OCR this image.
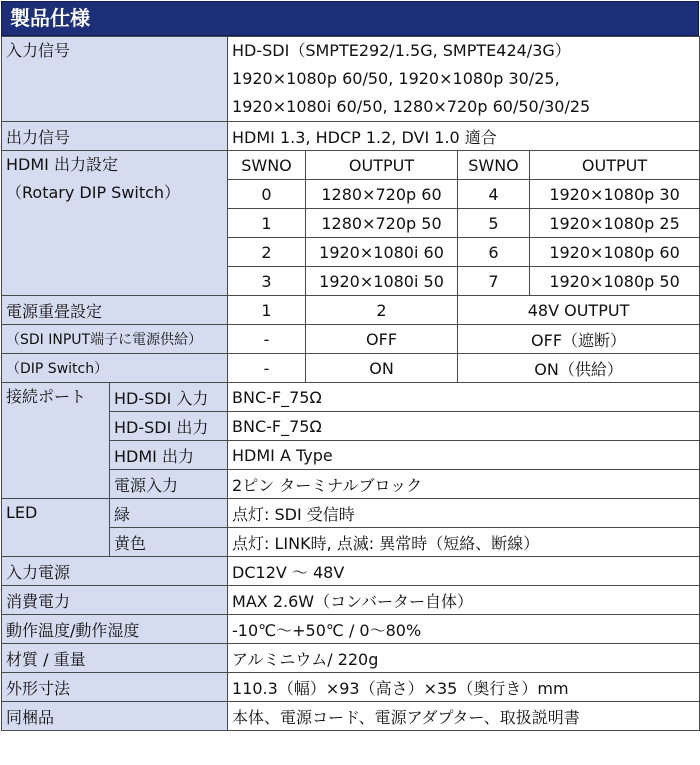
製品仕様
入力信号		HD-SDI（SMPTE292/1.5G, SMPTE424/3G）
1920×1080p 60/50, 1920×1080p 30/25,
1920×1080i 60/50, 1280×720p 60/50/30/25			

出力信号		HDMI 1.3, HDCP 1.2, DVI 1.0 適合			

HDMI 出力設定
（Rotary DIP Switch）		SWNO	OUTPUT	SWNO	OUTPUT
		0	1280×720p 60	4	1920×1080p 30
		1	1280×720p 50	5	1920×1080p 25
		2	1920×1080i 60	6	1920×1080p 60
		3	1920×1080i 50	7	1920×1080p 50
電源重畳設定		1	2	48V OUTPUT	
（SDI INPUT端子に電源供給）		-	OFF	OFF（遮断）	
（DIP Switch）		-	ON	ON（供給）	
接続ポート	HD-SDI 入力	BNC-F_75Ω			
	HD-SDI 出力	BNC-F_75Ω			
	HDMI 出力	HDMI A Type			
	電源入力	2ピン ターミナルブロック			
LED	緑	点灯: SDI 受信時			
	黄色	点灯: LINK時, 点滅: 異常時（短絡、断線）			
入力電源		DC12V 〜 48V			
消費電力		MAX 2.6W（コンバーター自体）			
動作温度/動作湿度		-10℃〜+50℃ / 0〜80%			
材質 / 重量		アルミニウム/ 220g			
外形寸法		110.3（幅）×93（高さ）×35（奥行き）mm			
同梱品		本体、電源コード、電源アダプター、取扱説明書			
